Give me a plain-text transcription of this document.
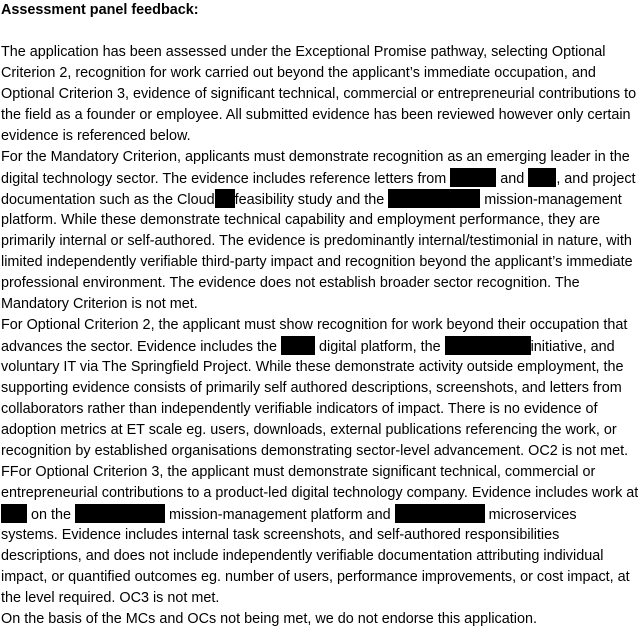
Assessment panel feedback:

The application has been assessed under the Exceptional Promise pathway, selecting Optional
Criterion 2, recognition for work carried out beyond the applicant’s immediate occupation, and
Optional Criterion 3, evidence of significant technical, commercial or entrepreneurial contributions to
the field as a founder or employee. All submitted evidence has been reviewed however only certain
evidence is referenced below.
For the Mandatory Criterion, applicants must demonstrate recognition as an emerging leader in the
digital technology sector. The evidence includes reference letters from	and , and project
documentation such as the Cloud feasibility study and the	mission-management
platform. While these demonstrate technical capability and employment performance, they are
primarily internal or self-authored. The evidence is predominantly internal/testimonial in nature, with
limited independently verifiable third-party impact and recognition beyond the applicant’s immediate
professional environment. The evidence does not establish broader sector recognition. The
Mandatory Criterion is not met.
For Optional Criterion 2, the applicant must show recognition for work beyond their occupation that
advances the sector. Evidence includes the  digital platform, the	initiative, and
voluntary IT via The Springfield Project. While these demonstrate activity outside employment, the
supporting evidence consists of primarily self authored descriptions, screenshots, and letters from
collaborators rather than independently verifiable indicators of impact. There is no evidence of
adoption metrics at ET scale eg. users, downloads, external publications referencing the work, or
recognition by established organisations demonstrating sector-level advancement. OC2 is not met.
FFor Optional Criterion 3, the applicant must demonstrate significant technical, commercial or
entrepreneurial contributions to a product-led digital technology company. Evidence includes work at
on the	mission-management platform and	microservices
systems. Evidence includes internal task screenshots, and self-authored responsibilities
descriptions, and does not include independently verifiable documentation attributing individual
impact, or quantified outcomes eg. number of users, performance improvements, or cost impact, at
the level required. OC3 is not met.
On the basis of the MCs and OCs not being met, we do not endorse this application.
